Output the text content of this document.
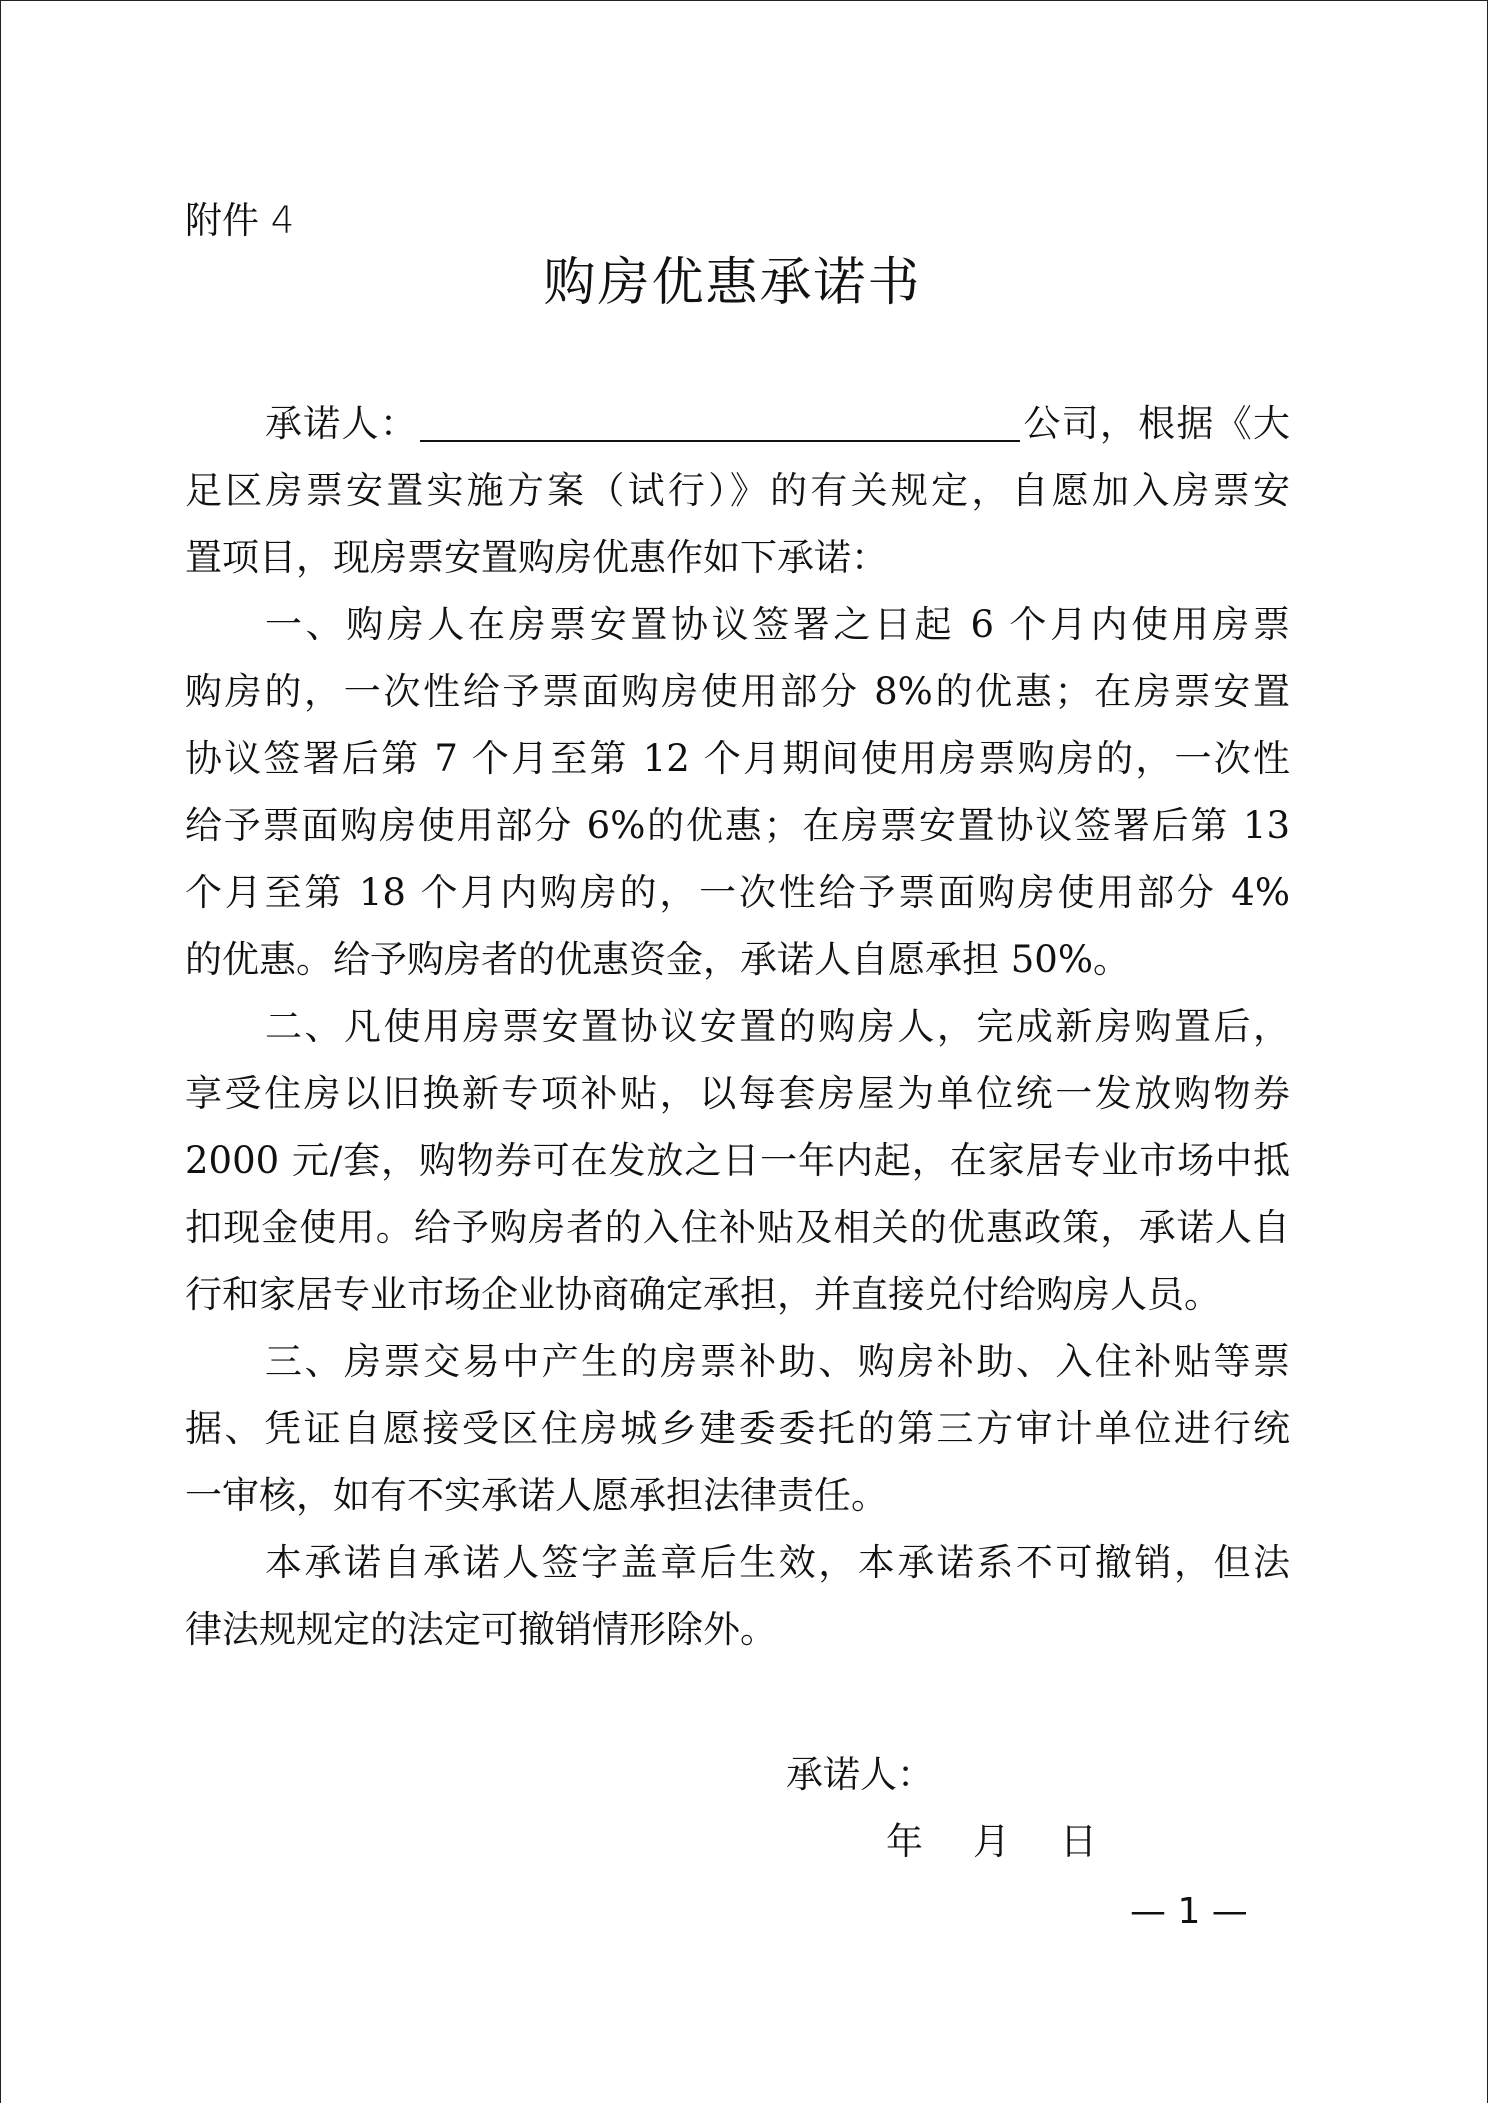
附件 4
购房优惠承诺书
承诺人：	公司，根据《大
足区房票安置实施方案（试行）》的有关规定，自愿加入房票安
置项目，现房票安置购房优惠作如下承诺：
一、购房人在房票安置协议签署之日起 6 个月内使用房票
购房的，一次性给予票面购房使用部分 8%的优惠；在房票安置
协议签署后第 7 个月至第 12 个月期间使用房票购房的，一次性
给予票面购房使用部分 6%的优惠；在房票安置协议签署后第 13
个月至第 18 个月内购房的，一次性给予票面购房使用部分 4%
的优惠。给予购房者的优惠资金，承诺人自愿承担 50%。
二、凡使用房票安置协议安置的购房人，完成新房购置后，
享受住房以旧换新专项补贴，以每套房屋为单位统一发放购物券
2000 元/套，购物券可在发放之日一年内起，在家居专业市场中抵
扣现金使用。给予购房者的入住补贴及相关的优惠政策，承诺人自
行和家居专业市场企业协商确定承担，并直接兑付给购房人员。
三、房票交易中产生的房票补助、购房补助、入住补贴等票
据、凭证自愿接受区住房城乡建委委托的第三方审计单位进行统
一审核，如有不实承诺人愿承担法律责任。
本承诺自承诺人签字盖章后生效，本承诺系不可撤销，但法
律法规规定的法定可撤销情形除外。
承诺人：
年 月 日
— 1 —
